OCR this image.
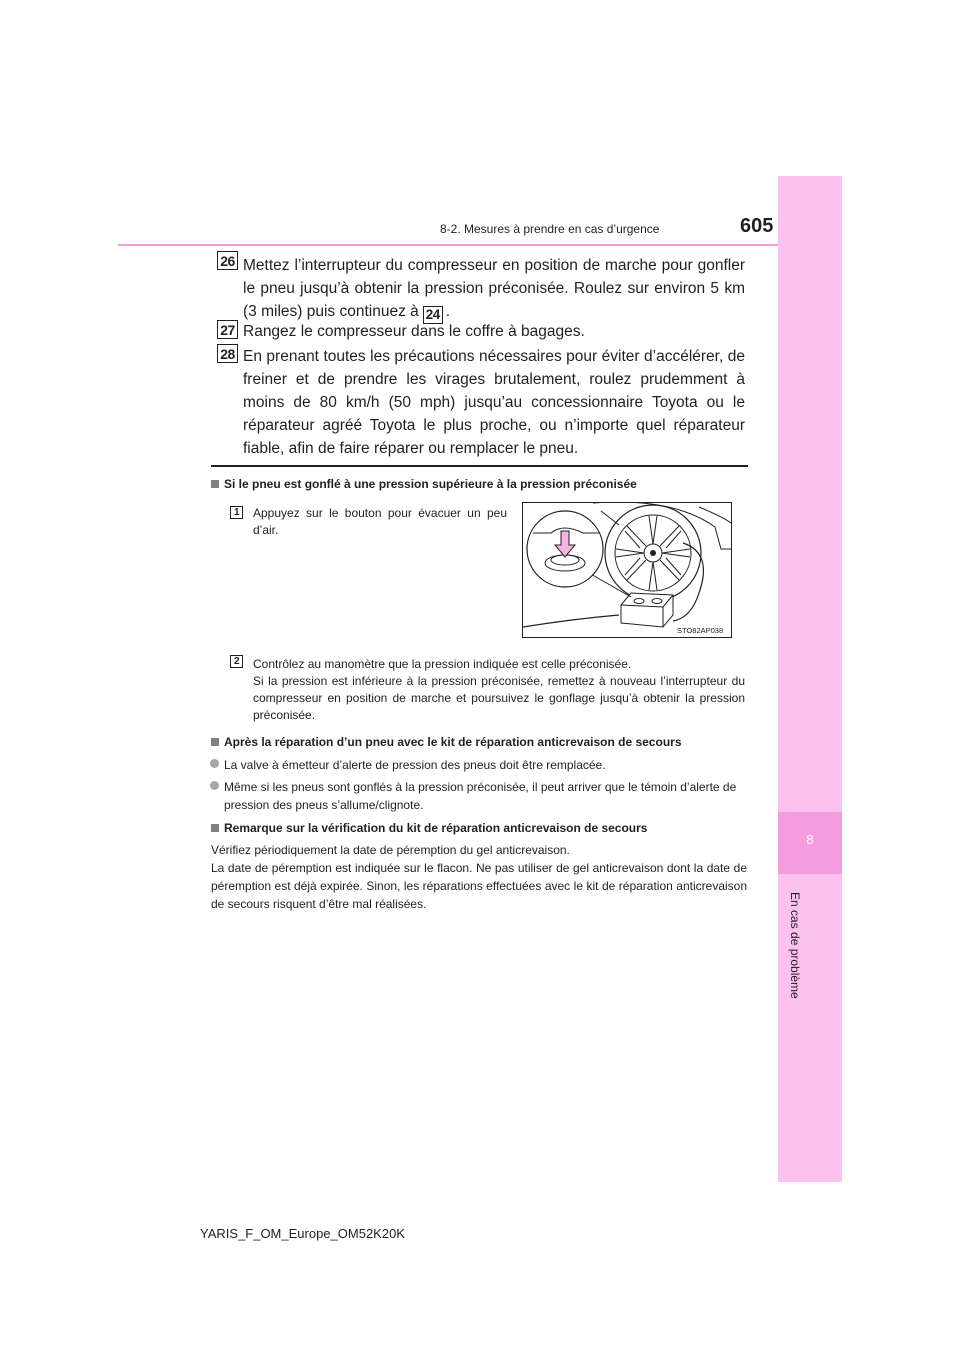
8-2. Mesures à prendre en cas d’urgence	605
8
En cas de problème
26 Mettez l’interrupteur du compresseur en position de marche pour gonfler le pneu jusqu’à obtenir la pression préconisée. Roulez sur environ 5 km (3 miles) puis continuez à 24 .
27 Rangez le compresseur dans le coffre à bagages.
28 En prenant toutes les précautions nécessaires pour éviter d’accélérer, de freiner et de prendre les virages brutalement, roulez prudemment à moins de 80 km/h (50 mph) jusqu’au concessionnaire Toyota ou le réparateur agréé Toyota le plus proche, ou n’importe quel réparateur fiable, afin de faire réparer ou remplacer le pneu.
Si le pneu est gonflé à une pression supérieure à la pression préconisée
1	Appuyez sur le bouton pour évacuer un peu d’air.
STO82AP038
2	Contrôlez au manomètre que la pression indiquée est celle préconisée.
Si la pression est inférieure à la pression préconisée, remettez à nouveau l’interrupteur du compresseur en position de marche et poursuivez le gonflage jusqu’à obtenir la pression préconisée.
Après la réparation d’un pneu avec le kit de réparation anticrevaison de secours
La valve à émetteur d’alerte de pression des pneus doit être remplacée.
Même si les pneus sont gonflés à la pression préconisée, il peut arriver que le témoin d’alerte de pression des pneus s’allume/clignote.
Remarque sur la vérification du kit de réparation anticrevaison de secours
Vérifiez périodiquement la date de péremption du gel anticrevaison.
La date de péremption est indiquée sur le flacon. Ne pas utiliser de gel anticrevaison dont la date de péremption est déjà expirée. Sinon, les réparations effectuées avec le kit de réparation anticrevaison de secours risquent d’être mal réalisées.
YARIS_F_OM_Europe_OM52K20K
